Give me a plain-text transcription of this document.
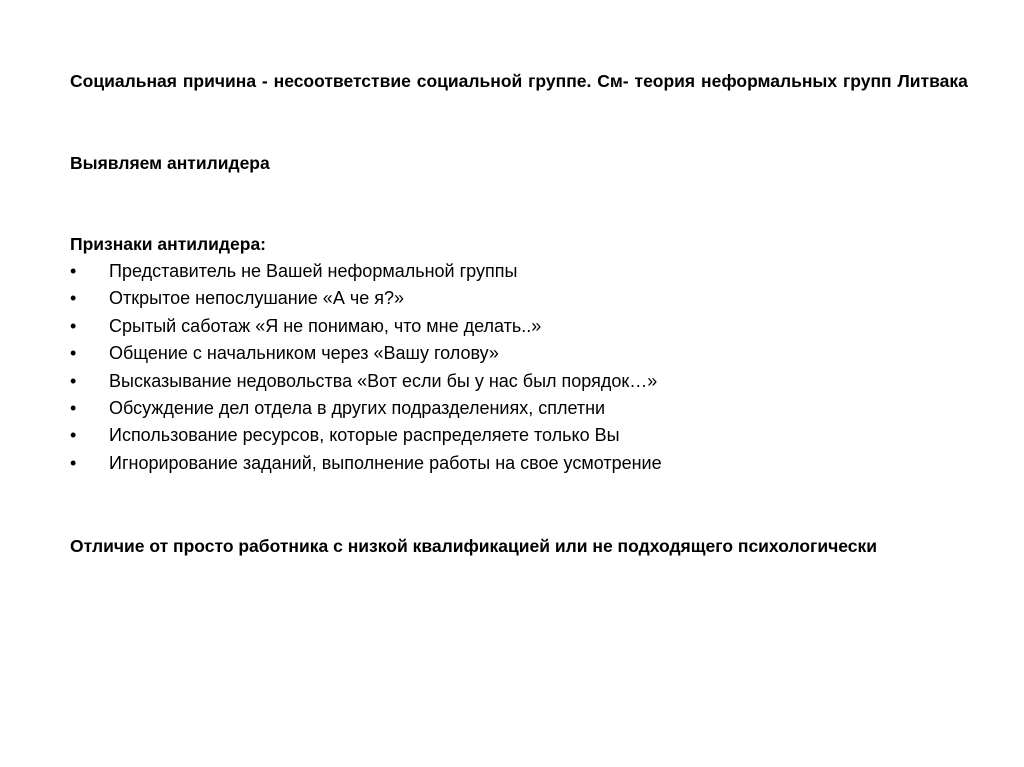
Социальная причина - несоответствие социальной группе. См- теория неформальных групп Литвака
Выявляем антилидера
Признаки антилидера:
• Представитель не Вашей неформальной группы
• Открытое непослушание «А че я?»
• Срытый саботаж «Я не понимаю, что мне делать..»
• Общение с начальником через «Вашу голову»
• Высказывание недовольства «Вот если бы у нас был порядок…»
• Обсуждение дел отдела в других подразделениях, сплетни
• Использование ресурсов, которые распределяете только Вы
• Игнорирование заданий, выполнение работы на свое усмотрение
Отличие от просто работника с низкой квалификацией или не подходящего психологически
